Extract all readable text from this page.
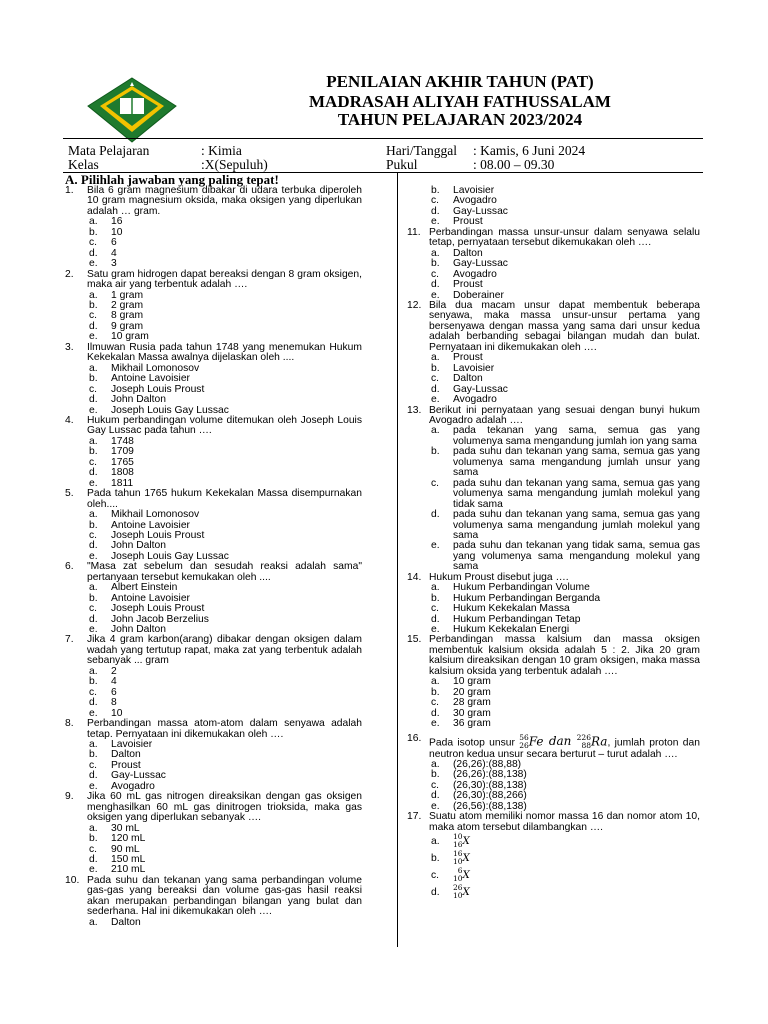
PENILAIAN AKHIR TAHUN (PAT)
MADRASAH ALIYAH FATHUSSALAM
TAHUN PELAJARAN 2023/2024
Mata Pelajaran	: Kimia	Hari/Tanggal : Kamis, 6 Juni 2024
Kelas	:X(Sepuluh)	Pukul	: 08.00 – 09.30
A. Pilihlah jawaban yang paling tepat!
1. Bila 6 gram magnesium dibakar di udara terbuka diperoleh 10 gram magnesium oksida, maka oksigen yang diperlukan adalah … gram.
a. 16
b. 10
c. 6
d. 4
e. 3
2. Satu gram hidrogen dapat bereaksi dengan 8 gram oksigen, maka air yang terbentuk adalah ….
a. 1 gram
b. 2 gram
c. 8 gram
d. 9 gram
e. 10 gram
3. Ilmuwan Rusia pada tahun 1748 yang menemukan Hukum Kekekalan Massa awalnya dijelaskan oleh ....
a. Mikhail Lomonosov
b. Antoine Lavoisier
c. Joseph Louis Proust
d. John Dalton
e. Joseph Louis Gay Lussac
4. Hukum perbandingan volume ditemukan oleh Joseph Louis Gay Lussac pada tahun ….
a. 1748
b. 1709
c. 1765
d. 1808
e. 1811
5. Pada tahun 1765 hukum Kekekalan Massa disempurnakan oleh....
a. Mikhail Lomonosov
b. Antoine Lavoisier
c. Joseph Louis Proust
d. John Dalton
e. Joseph Louis Gay Lussac
6. "Masa zat sebelum dan sesudah reaksi adalah sama" pertanyaan tersebut kemukakan oleh ....
a. Albert Einstein
b. Antoine Lavoisier
c. Joseph Louis Proust
d. John Jacob Berzelius
e. John Dalton
7. Jika 4 gram karbon(arang) dibakar dengan oksigen dalam wadah yang tertutup rapat, maka zat yang terbentuk adalah sebanyak ... gram
a. 2
b. 4
c. 6
d. 8
e. 10
8. Perbandingan massa atom-atom dalam senyawa adalah tetap. Pernyataan ini dikemukakan oleh ….
a. Lavoisier
b. Dalton
c. Proust
d. Gay-Lussac
e. Avogadro
9. Jika 60 mL gas nitrogen direaksikan dengan gas oksigen menghasilkan 60 mL gas dinitrogen trioksida, maka gas oksigen yang diperlukan sebanyak ….
a. 30 mL
b. 120 mL
c. 90 mL
d. 150 mL
e. 210 mL
10. Pada suhu dan tekanan yang sama perbandingan volume gas-gas yang bereaksi dan volume gas-gas hasil reaksi akan merupakan perbandingan bilangan yang bulat dan sederhana. Hal ini dikemukakan oleh ….
a. Dalton
b. Lavoisier
c. Avogadro
d. Gay-Lussac
e. Proust
11. Perbandingan massa unsur-unsur dalam senyawa selalu tetap, pernyataan tersebut dikemukakan oleh ….
a. Dalton
b. Gay-Lussac
c. Avogadro
d. Proust
e. Doberainer
12. Bila dua macam unsur dapat membentuk beberapa senyawa, maka massa unsur-unsur pertama yang bersenyawa dengan massa yang sama dari unsur kedua adalah berbanding sebagai bilangan mudah dan bulat. Pernyataan ini dikemukakan oleh ….
a. Proust
b. Lavoisier
c. Dalton
d. Gay-Lussac
e. Avogadro
13. Berikut ini pernyataan yang sesuai dengan bunyi hukum Avogadro adalah ….
a. pada tekanan yang sama, semua gas yang volumenya sama mengandung jumlah ion yang sama
b. pada suhu dan tekanan yang sama, semua gas yang volumenya sama mengandung jumlah unsur yang sama
c. pada suhu dan tekanan yang sama, semua gas yang volumenya sama mengandung jumlah molekul yang tidak sama
d. pada suhu dan tekanan yang sama, semua gas yang volumenya sama mengandung jumlah molekul yang sama
e. pada suhu dan tekanan yang tidak sama, semua gas yang volumenya sama mengandung molekul yang sama
14. Hukum Proust disebut juga ….
a. Hukum Perbandingan Volume
b. Hukum Perbandingan Berganda
c. Hukum Kekekalan Massa
d. Hukum Perbandingan Tetap
e. Hukum Kekekalan Energi
15. Perbandingan massa kalsium dan massa oksigen membentuk kalsium oksida adalah 5 : 2. Jika 20 gram kalsium direaksikan dengan 10 gram oksigen, maka massa kalsium oksida yang terbentuk adalah ….
a. 10 gram
b. 20 gram
c. 28 gram
d. 30 gram
e. 36 gram
16. Pada isotop unsur 56
26 Fe dan 226
88 Ra, jumlah proton dan neutron kedua unsur secara berturut – turut adalah ….
a. (26,26):(88,88)
b. (26,26):(88,138)
c. (26,30):(88,138)
d. (26,30):(88,266)
e. (26,56):(88,138)
17. Suatu atom memiliki nomor massa 16 dan nomor atom 10, maka atom tersebut dilambangkan ….
a. 10
16 X
b. 16
10 X
c.	6
10 X
d. 26
10 X
